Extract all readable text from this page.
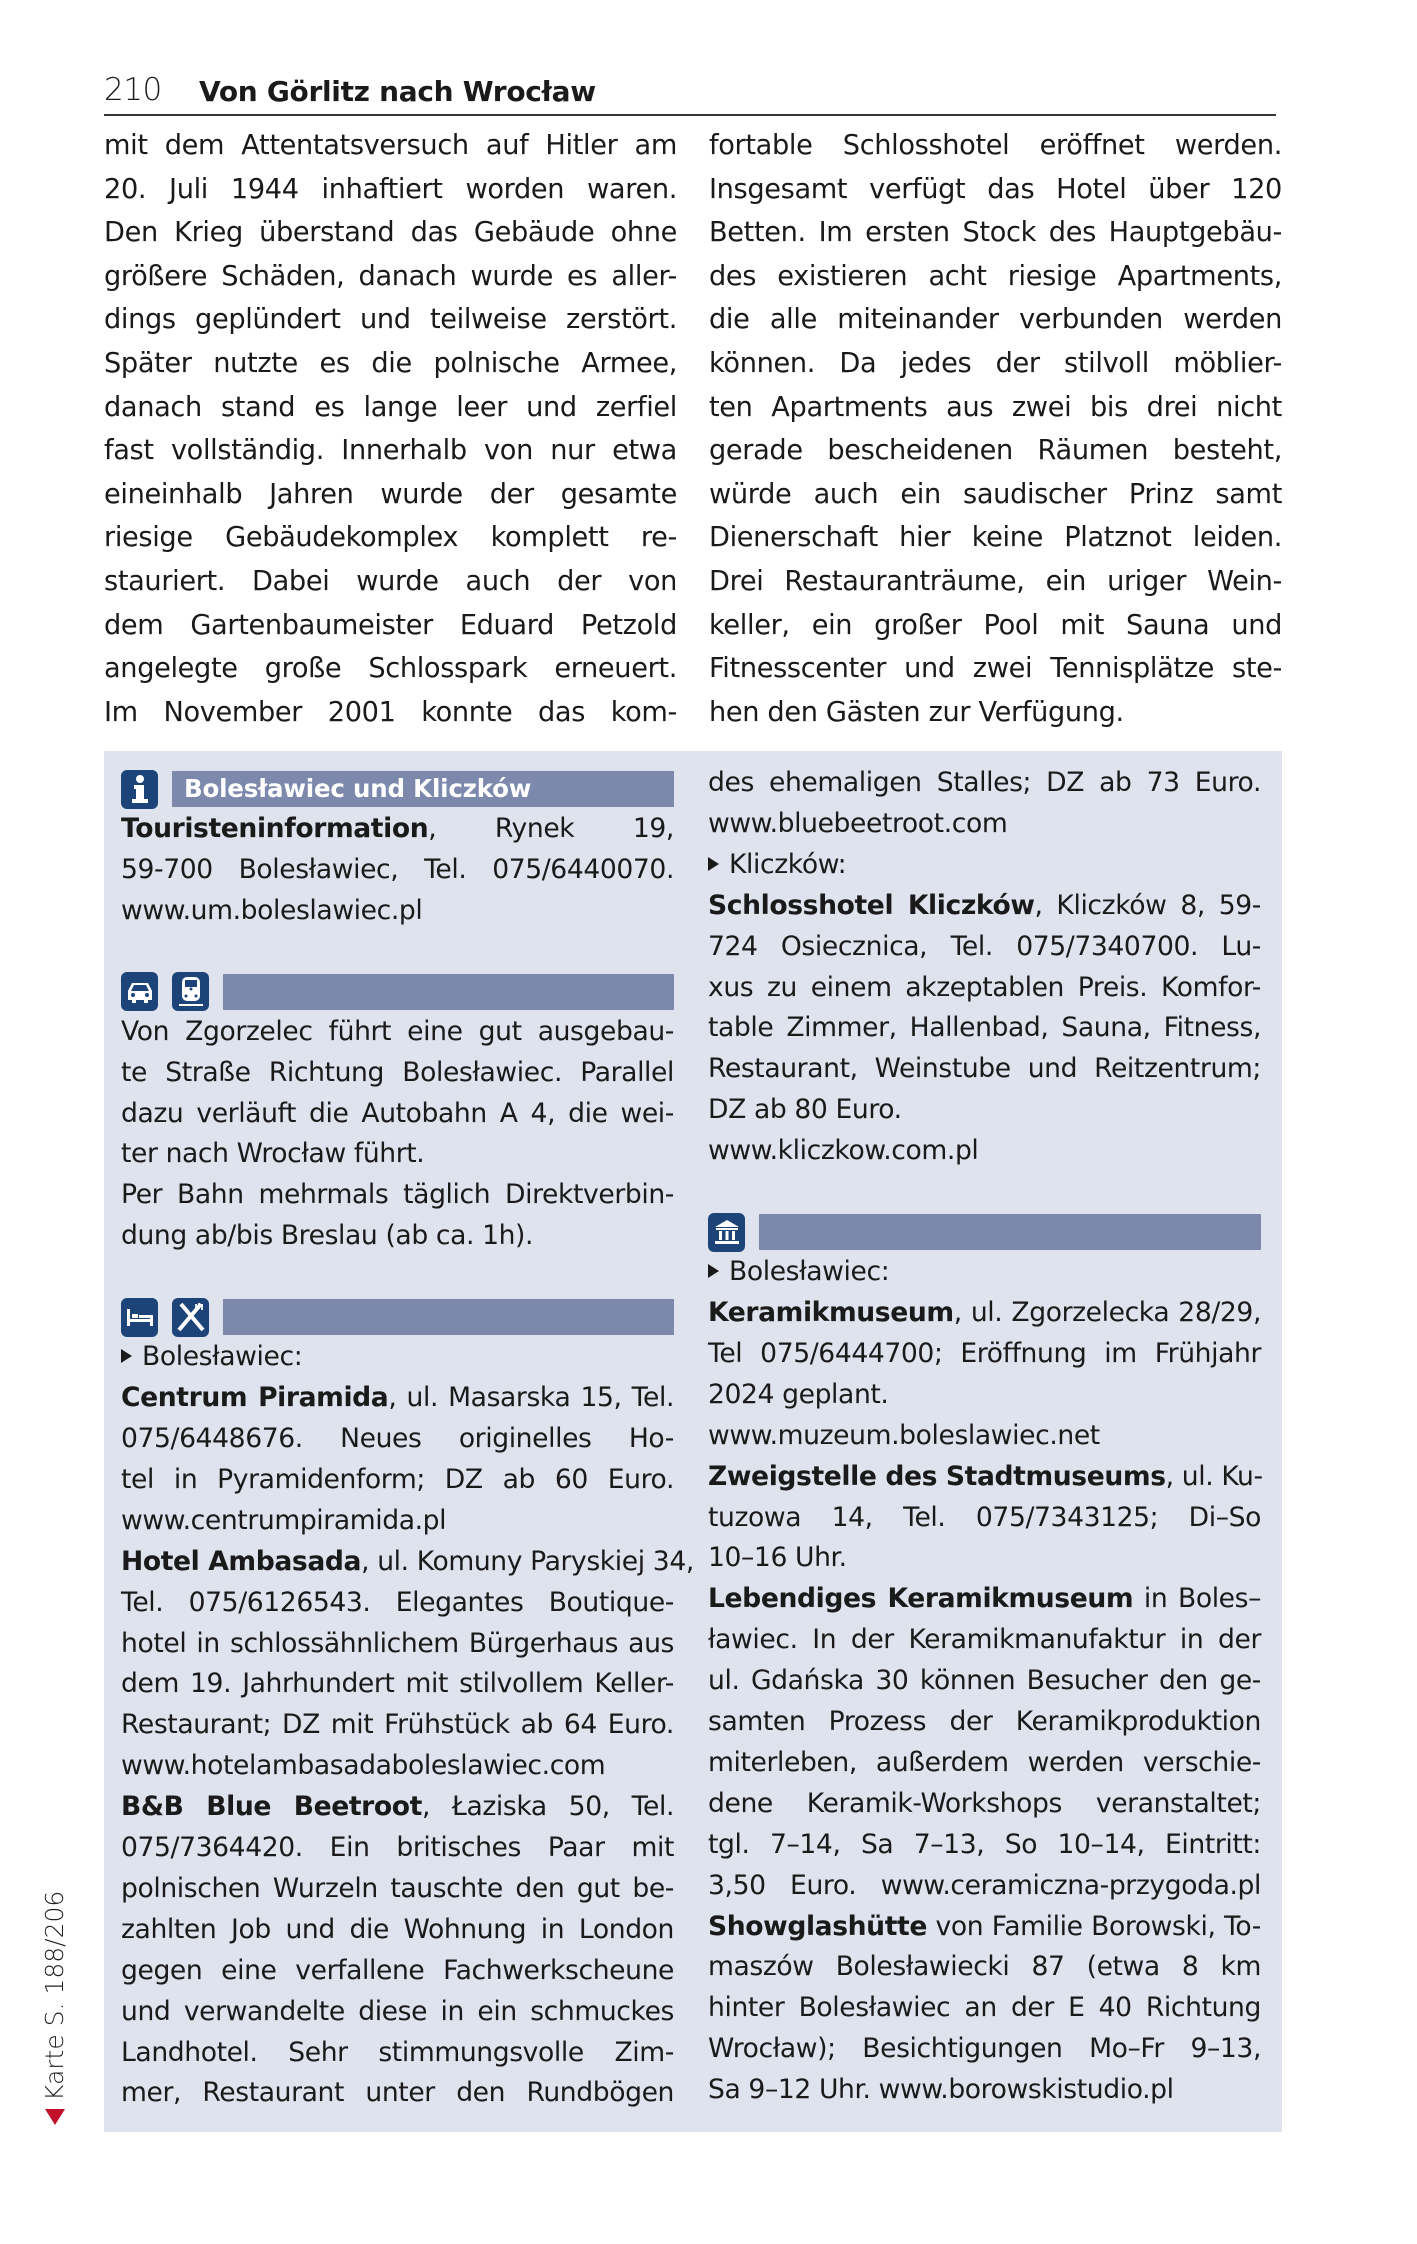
210 Von Görlitz nach Wrocław
mit dem Attentatsversuch auf Hitler am
20. Juli 1944 inhaftiert worden waren.
Den Krieg überstand das Gebäude ohne
größere Schäden, danach wurde es aller-
dings geplündert und teilweise zerstört.
Später nutzte es die polnische Armee,
danach stand es lange leer und zerfiel
fast vollständig. Innerhalb von nur etwa
eineinhalb Jahren wurde der gesamte
riesige Gebäudekomplex komplett re-
stauriert. Dabei wurde auch der von
dem Gartenbaumeister Eduard Petzold
angelegte große Schlosspark erneuert.
Im November 2001 konnte das kom-
fortable Schlosshotel eröffnet werden.
Insgesamt verfügt das Hotel über 120
Betten. Im ersten Stock des Hauptgebäu-
des existieren acht riesige Apartments,
die alle miteinander verbunden werden
können. Da jedes der stilvoll möblier-
ten Apartments aus zwei bis drei nicht
gerade bescheidenen Räumen besteht,
würde auch ein saudischer Prinz samt
Dienerschaft hier keine Platznot leiden.
Drei Restauranträume, ein uriger Wein-
keller, ein großer Pool mit Sauna und
Fitnesscenter und zwei Tennisplätze ste-
hen den Gästen zur Verfügung.
Bolesławiec und Kliczków
Touristeninformation, Rynek 19,
59-700 Bolesławiec, Tel. 075/6440070.
www.um.boleslawiec.pl
Von Zgorzelec führt eine gut ausgebau-
te Straße Richtung Bolesławiec. Parallel
dazu verläuft die Autobahn A 4, die wei-
ter nach Wrocław führt.
Per Bahn mehrmals täglich Direktverbin-
dung ab/bis Breslau (ab ca. 1h).
Bolesławiec:
Centrum Piramida, ul. Masarska 15, Tel.
075/6448676. Neues originelles Ho-
tel in Pyramidenform; DZ ab 60 Euro.
www.centrumpiramida.pl
Hotel Ambasada, ul. Komuny Paryskiej 34,
Tel. 075/6126543. Elegantes Boutique-
hotel in schlossähnlichem Bürgerhaus aus
dem 19. Jahrhundert mit stilvollem Keller-
Restaurant; DZ mit Frühstück ab 64 Euro.
www.hotelambasadaboleslawiec.com
B&B Blue Beetroot, Łaziska 50, Tel.
075/7364420. Ein britisches Paar mit
polnischen Wurzeln tauschte den gut be-
zahlten Job und die Wohnung in London
gegen eine verfallene Fachwerkscheune
und verwandelte diese in ein schmuckes
Landhotel. Sehr stimmungsvolle Zim-
mer, Restaurant unter den Rundbögen
des ehemaligen Stalles; DZ ab 73 Euro.
www.bluebeetroot.com
Kliczków:
Schlosshotel Kliczków, Kliczków 8, 59-
724 Osiecznica, Tel. 075/7340700. Lu-
xus zu einem akzeptablen Preis. Komfor-
table Zimmer, Hallenbad, Sauna, Fitness,
Restaurant, Weinstube und Reitzentrum;
DZ ab 80 Euro.
www.kliczkow.com.pl
Bolesławiec:
Keramikmuseum, ul. Zgorzelecka 28/29,
Tel 075/6444700; Eröffnung im Frühjahr
2024 geplant.
www.muzeum.boleslawiec.net
Zweigstelle des Stadtmuseums, ul. Ku-
tuzowa 14, Tel. 075/7343125; Di–So
10–16 Uhr.
Lebendiges Keramikmuseum in Boles–
ławiec. In der Keramikmanufaktur in der
ul. Gdańska 30 können Besucher den ge-
samten Prozess der Keramikproduktion
miterleben, außerdem werden verschie-
dene Keramik-Workshops veranstaltet;
tgl. 7–14, Sa 7–13, So 10–14, Eintritt:
3,50 Euro. www.ceramiczna-przygoda.pl
Showglashütte von Familie Borowski, To-
maszów Bolesławiecki 87 (etwa 8 km
hinter Bolesławiec an der E 40 Richtung
Wrocław); Besichtigungen Mo–Fr 9–13,
Sa 9–12 Uhr. www.borowskistudio.pl
Karte S. 188/206
